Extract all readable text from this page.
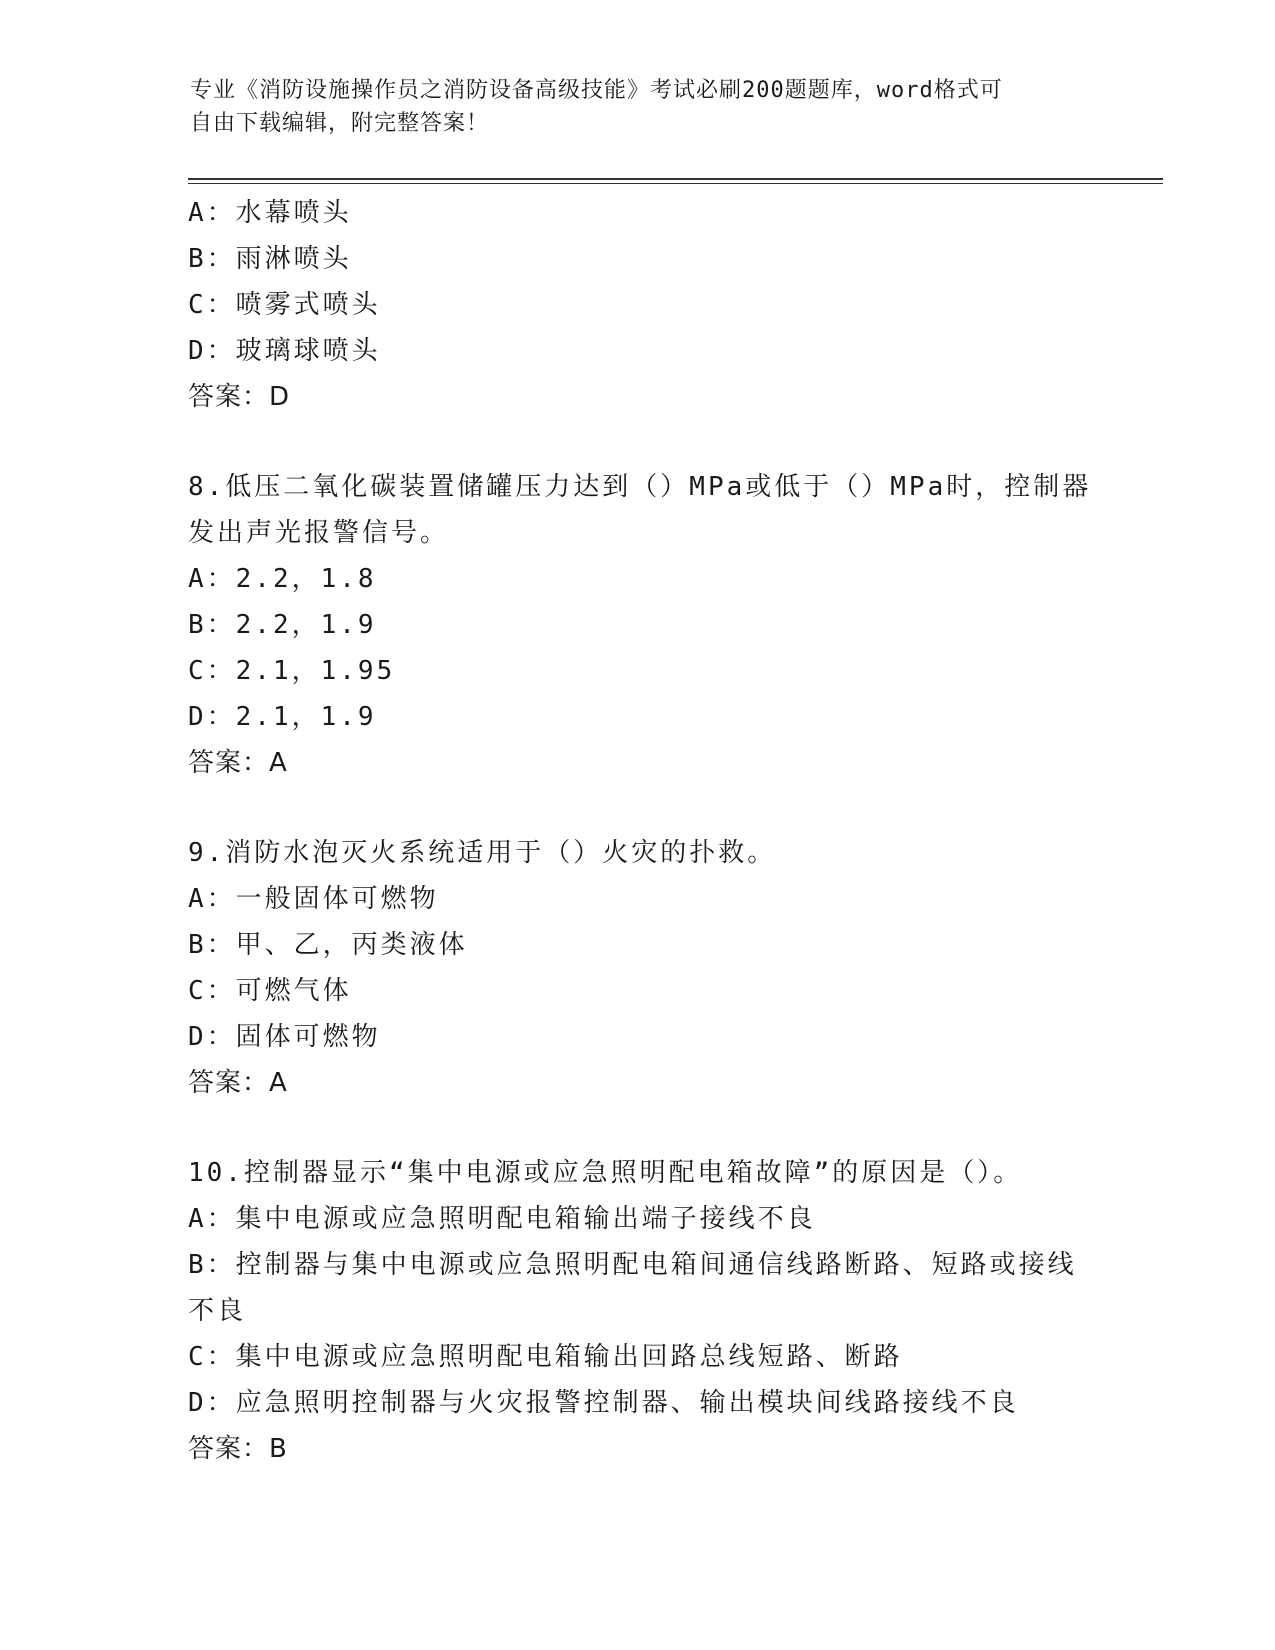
专业《消防设施操作员之消防设备高级技能》考试必刷200题题库，word格式可
自由下载编辑，附完整答案！
A：水幕喷头
B：雨淋喷头
C：喷雾式喷头
D：玻璃球喷头
答案：D
8.低压二氧化碳装置储罐压力达到（）MPa或低于（）MPa时，控制器
发出声光报警信号。
A：2.2，1.8
B：2.2，1.9
C：2.1，1.95
D：2.1，1.9
答案：A
9.消防水泡灭火系统适用于（）火灾的扑救。
A：一般固体可燃物
B：甲、乙，丙类液体
C：可燃气体
D：固体可燃物
答案：A
10.控制器显示“集中电源或应急照明配电箱故障”的原因是（）。
A：集中电源或应急照明配电箱输出端子接线不良
B：控制器与集中电源或应急照明配电箱间通信线路断路、短路或接线
不良
C：集中电源或应急照明配电箱输出回路总线短路、断路
D：应急照明控制器与火灾报警控制器、输出模块间线路接线不良
答案：B
